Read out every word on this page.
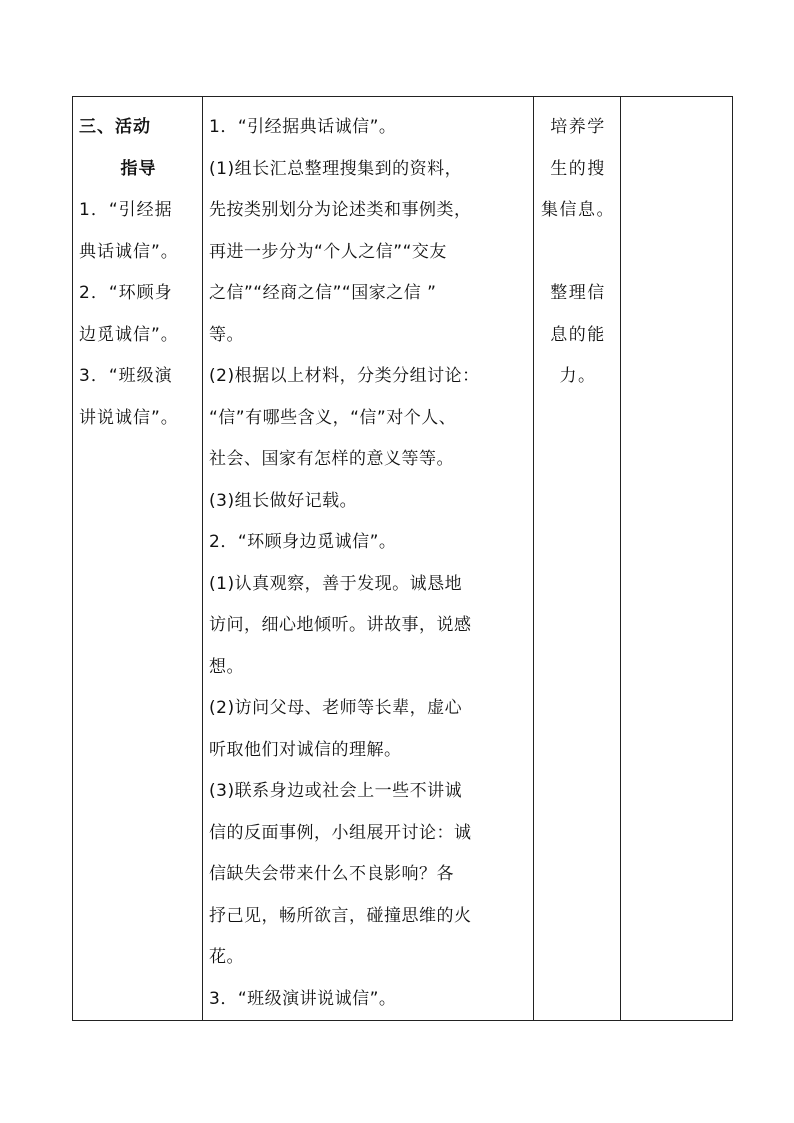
三、活动
指导
1．“引经据
典话诚信”。
2．“环顾身
边觅诚信”。
3．“班级演
讲说诚信”。

1．“引经据典话诚信”。
(1)组长汇总整理搜集到的资料，
先按类别划分为论述类和事例类，
再进一步分为“个人之信”“交友
之信”“经商之信”“国家之信 ”
等。
(2)根据以上材料，分类分组讨论：
“信”有哪些含义，“信”对个人、
社会、国家有怎样的意义等等。
(3)组长做好记载。
2．“环顾身边觅诚信”。
(1)认真观察，善于发现。诚恳地
访问，细心地倾听。讲故事，说感
想。
(2)访问父母、老师等长辈，虚心
听取他们对诚信的理解。
(3)联系身边或社会上一些不讲诚
信的反面事例，小组展开讨论：诚
信缺失会带来什么不良影响？各
抒己见，畅所欲言，碰撞思维的火
花。
3．“班级演讲说诚信”。

培养学
生的搜
集信息。
整理信
息的能
力。
